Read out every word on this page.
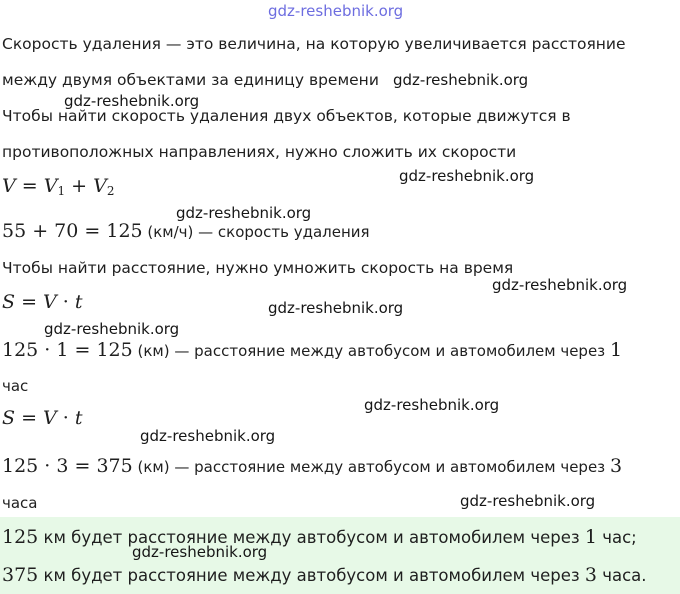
gdz-reshebnik.org
Скорость удаления — это величина, на которую увеличивается расстояние
между двумя объектами за единицу времени gdz-reshebnik.org
gdz-reshebnik.org
Чтобы найти скорость удаления двух объектов, которые движутся в
противоположных направлениях, нужно сложить их скорости
$V = V_1 + V_2$
gdz-reshebnik.org
gdz-reshebnik.org
55 + 70 = 125 (км/ч) — скорость удаления
Чтобы найти расстояние, нужно умножить скорость на время
gdz-reshebnik.org
S = V · t	gdz-reshebnik.org
gdz-reshebnik.org
125 · 1 = 125 (км) — расстояние между автобусом и автомобилем через 1
час
S = V · t
gdz-reshebnik.org
gdz-reshebnik.org
125 · 3 = 375 (км) — расстояние между автобусом и автомобилем через 3
часа	gdz-reshebnik.org
125 км будет расстояние между автобусом и автомобилем через 1 час;
gdz-reshebnik.org
375 км будет расстояние между автобусом и автомобилем через 3 часа.
